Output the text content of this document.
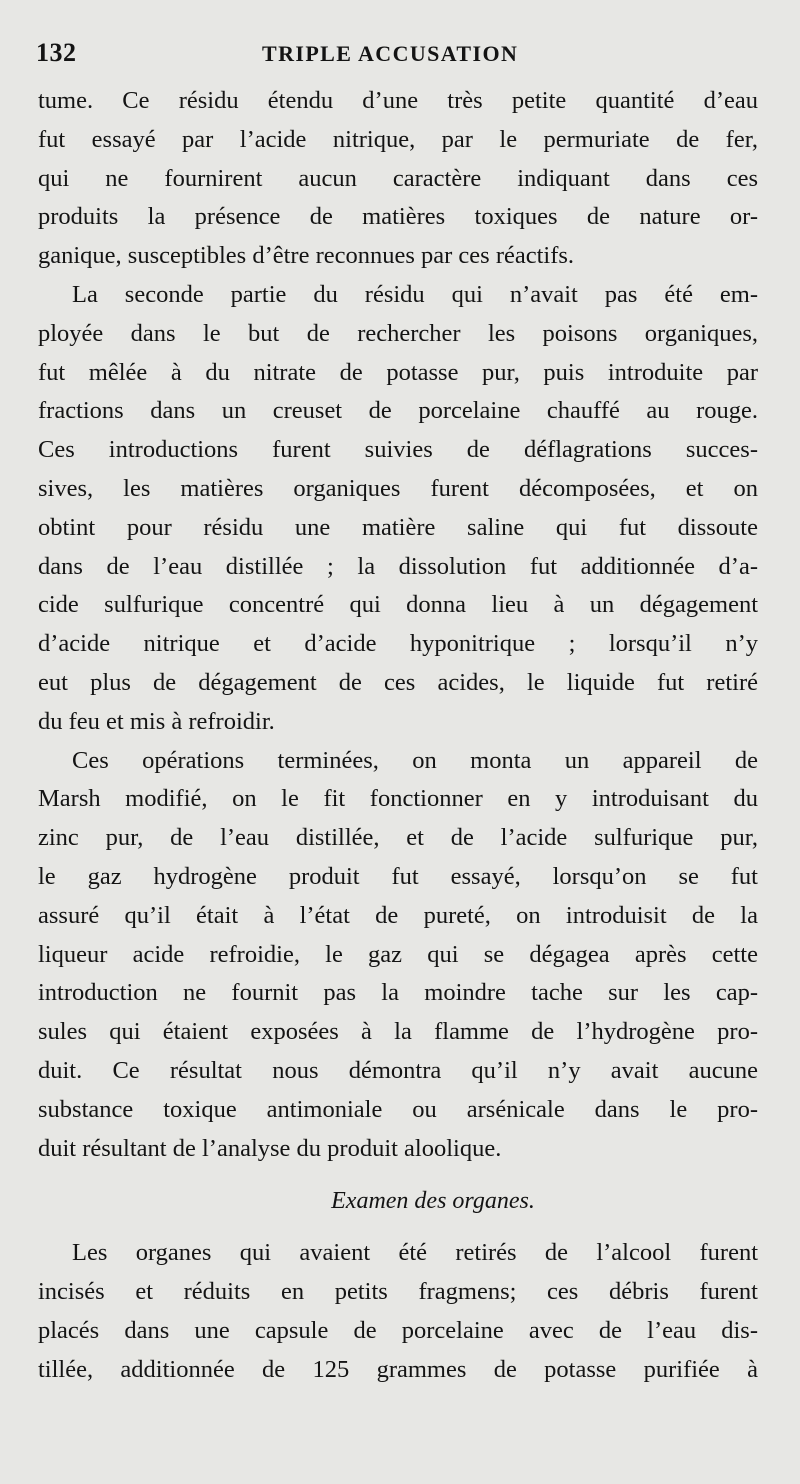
132	TRIPLE ACCUSATION
tume. Ce résidu étendu d’une très petite quantité d’eau
fut essayé par l’acide nitrique, par le permuriate de fer,
qui ne fournirent aucun caractère indiquant dans ces
produits la présence de matières toxiques de nature or-
ganique, susceptibles d’être reconnues par ces réactifs.
La seconde partie du résidu qui n’avait pas été em-
ployée dans le but de rechercher les poisons organiques,
fut mêlée à du nitrate de potasse pur, puis introduite par
fractions dans un creuset de porcelaine chauffé au rouge.
Ces introductions furent suivies de déflagrations succes-
sives, les matières organiques furent décomposées, et on
obtint pour résidu une matière saline qui fut dissoute
dans de l’eau distillée ; la dissolution fut additionnée d’a-
cide sulfurique concentré qui donna lieu à un dégagement
d’acide nitrique et d’acide hyponitrique ; lorsqu’il n’y
eut plus de dégagement de ces acides, le liquide fut retiré
du feu et mis à refroidir.
Ces opérations terminées, on monta un appareil de
Marsh modifié, on le fit fonctionner en y introduisant du
zinc pur, de l’eau distillée, et de l’acide sulfurique pur,
le gaz hydrogène produit fut essayé, lorsqu’on se fut
assuré qu’il était à l’état de pureté, on introduisit de la
liqueur acide refroidie, le gaz qui se dégagea après cette
introduction ne fournit pas la moindre tache sur les cap-
sules qui étaient exposées à la flamme de l’hydrogène pro-
duit. Ce résultat nous démontra qu’il n’y avait aucune
substance toxique antimoniale ou arsénicale dans le pro-
duit résultant de l’analyse du produit aloolique.
Examen des organes.
Les organes qui avaient été retirés de l’alcool furent
incisés et réduits en petits fragmens; ces débris furent
placés dans une capsule de porcelaine avec de l’eau dis-
tillée, additionnée de 125 grammes de potasse purifiée à
